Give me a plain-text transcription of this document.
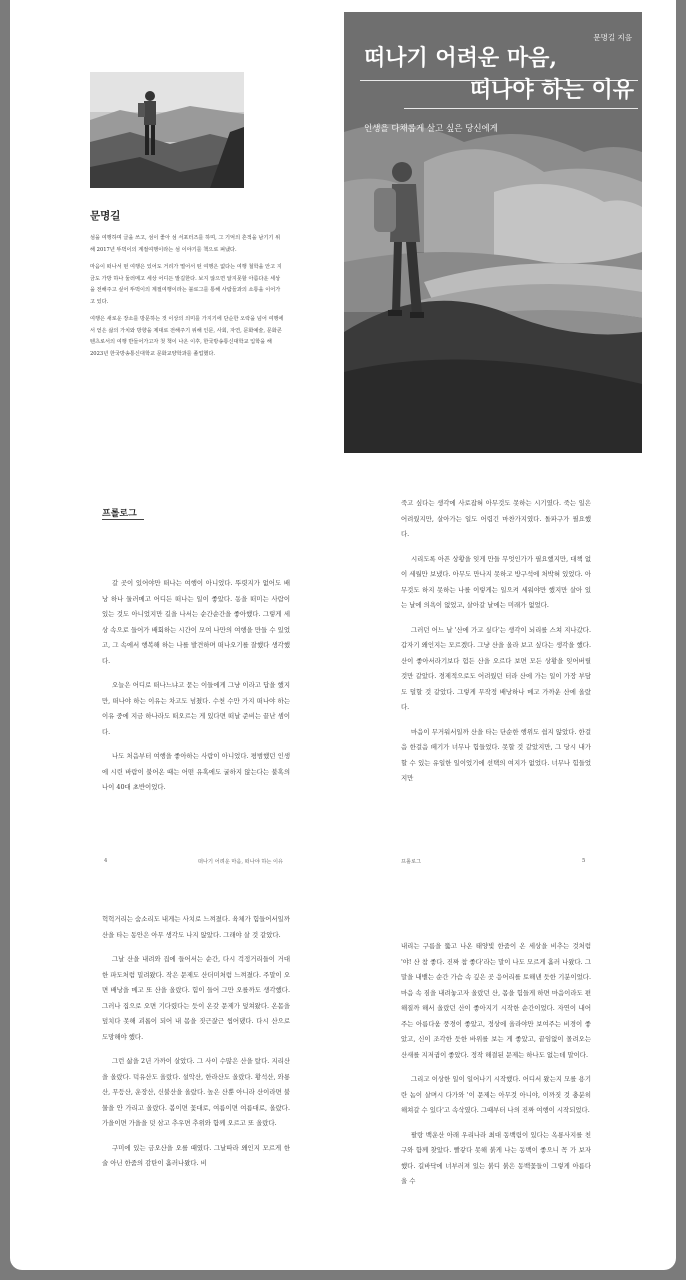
문명길

섬을 여행하며 글을 쓰고, 섬이 좋아 섬 서포터즈를 하며, 그 기억의 흔적을 남기기 위해 2017년 뚜벅이의 계절여행이라는 섬 이야기를 책으로 펴냈다.

마음이 떠나서 떤 여행은 있어도 거리가 떨어서 떤 여행은 없다는 여행 철학을 안고 지금도 가방 하나 둘러메고 세상 어디든 발길한다. 보지 않으면 알지못할 아름다운 세상을 전해주고 싶어 뚜벅이의 계절여행이라는 블로그를 통해 사람들과의 소통을 이어가고 있다.

여행은 새로운 장소를 방문하는 것 이상의 의미를 가지기에 단순한 오락을 넘어 여행에서 얻은 삶의 가치와 방향을 제대로 전해주기 위해 인문, 사회, 자연, 문화예술, 문화콘텐츠로서의 여행 반들어가고자 첫 책이 나온 이후, 한국방송통신대학교 입학을 해 2023년 한국방송통신대학교 문화교양학과를 졸업했다.

문명길 지음
떠나기 어려운 마음,
떠나야 하는 이유
인생을 다채롭게 살고 싶은 당신에게
프롤로그

갈 곳이 있어야만 떠나는 여행이 아니었다. 뚜렷지가 없어도 배낭 하나 둘러메고 어디든 떠나는 일이 좋았다. 동을 떠미는 사람이 있는 것도 아니었지만 길을 나서는 순간순간을 좋아했다. 그렇게 세상 속으로 들어가 배회하는 시간이 모여 나만의 여행을 만들 수 있었고, 그 속에서 행복해 하는 나를 발견하며 떠나오기를 잘했다 생각했다.

오늘은 어디로 떠나느냐고 묻는 이들에게 그냥 이라고 답을 했지만, 떠나야 하는 이유는 차고도 넘쳤다. 수천 수만 가지 떠나야 하는 이유 중에 지금 하나라도 떠오르는 게 있다면 떠날 준비는 끝난 셈이다.

나도 처음부터 여행을 좋아하는 사람이 아니었다. 평범했던 인생에 시린 바람이 불어온 때는 어떤 유혹에도 굴하지 않는다는 불혹의 나이 40대 초반이었다.

죽고 싶다는 생각에 사로잡혀 아무것도 못하는 시기였다. 죽는 일은 어려웠지만, 살아가는 일도 어렵긴 마찬가지였다. 돌파구가 필요했다.

시리도록 아픈 상황을 잊게 만들 무엇인가가 필요했지만, 대책 없이 세월만 보냈다. 아무도 만나지 못하고 방구석에 처박혀 있었다. 아무것도 하지 못하는 나를 이렇게는 일으켜 세워야만 했지만 살아 있는 날에 의욕이 없었고, 살아갈 날에는 미래가 없었다.

그러던 어느 날 '산에 가고 싶다'는 생각이 뇌리를 스쳐 지나갔다. 갑자기 왜인지는 모르겠다. 그냥 산을 올라 보고 싶다는 생각을 했다. 산이 좋아서라기보다 험든 산을 오르다 보면 모든 상황을 잊어버릴 것만 같았다. 경제적으로도 어려웠던 터라 산에 가는 일이 가장 부담도 덜할 것 같았다. 그렇게 무작정 배낭하나 메고 가까운 산에 올랐다.

마음이 무거워서일까 산을 타는 단순한 행위도 쉽지 않았다. 한걸음 한걸음 떼기가 너무나 힘들었다. 못할 것 같았지만, 그 당시 내가 할 수 있는 유일한 일이었기에 선택의 여지가 없었다. 너무나 힘들었지만

4	떠나기 어려운 마음, 떠나야 하는 이유	프롤로그	5

헉헉거리는 숨소리도 내게는 사치로 느껴졌다. 육체가 힘들어서일까 산을 타는 동안은 아무 생각도 나지 않았다. 그래야 살 것 같았다.

그날 산을 내려와 집에 들어서는 순간, 다시 걱정거리들이 거대한 파도처럼 밀려왔다. 작은 문제도 산더미처럼 느껴졌다. 주말이 오면 배낭을 메고 또 산을 올랐다. 힘이 들어 그만 오를까도 생각했다. 그러나 집으로 오면 기다렸다는 듯이 온갖 문제가 덮쳐왔다. 온몸을 덮치다 못해 괴롭이 되어 내 몸을 짓근잖근 씹어댔다. 다시 산으로 도망해야 했다.

그런 삶을 2년 가까이 살았다. 그 사이 수많은 산을 탔다. 지리산을 올랐다. 덕유산도 올랐다. 설악산, 한라산도 올랐다. 황석산, 와룡산, 무등산, 운장산, 신불산을 올랐다. 높은 산뿐 아니라 산이라면 불물을 안 가리고 올랐다. 봄이면 꽃대로, 여름이면 여름대로, 올랐다. 가을이면 가을을 덧 삼고 추우면 추위와 함께 오르고 또 올랐다.

구미에 있는 금오산을 오를 때였다. 그날따라 왜인지 모르게 한술 아닌 한줌의 감탄이 흘러나왔다. 비

내리는 구름을 뚫고 나온 태양빛 한줌이 온 세상을 비추는 것처럼 '야! 산 참 좋다. 진짜 참 좋다'라는 말이 나도 모르게 흘러 나왔다. 그 말을 내뱉는 순간 가슴 속 깊은 곳 응어리를 토해낸 듯한 기분이었다. 마음 속 짐을 내려놓고자 올랐던 산, 몸을 힘들게 하면 마음이라도 편해질까 해서 올랐던 산이 좋아지기 시작한 순간이었다. 자연이 내어주는 아름다움 풍경이 좋았고, 정상에 올라야만 보여주는 비경이 좋았고, 신이 조각한 듯한 바위를 보는 게 좋았고, 끝임없이 몰려오는 산새를 지저귐이 좋았다. 정작 해결된 문제는 하나도 없는데 말이다.

그리고 이상한 일이 일어나기 시작했다. 어디서 왔는지 모를 용기란 놈이 살며시 다가와 '이 문제는 아무것 아니야, 이까짓 것 충분히 해쳐갈 수 있다'고 속삭였다. 그때부터 나의 진짜 여행이 시작되었다.

팔랑 백운산 아래 우리나라 최대 동백림이 있다는 옥룡사지를 친구와 함께 찾았다. 빨갛다 못해 붉게 나는 동백이 좋으니 꼭 가 보자 했다. 길바닥에 너부러져 있는 붉디 붉은 동백꽃들이 그렇게 아름다울 수
